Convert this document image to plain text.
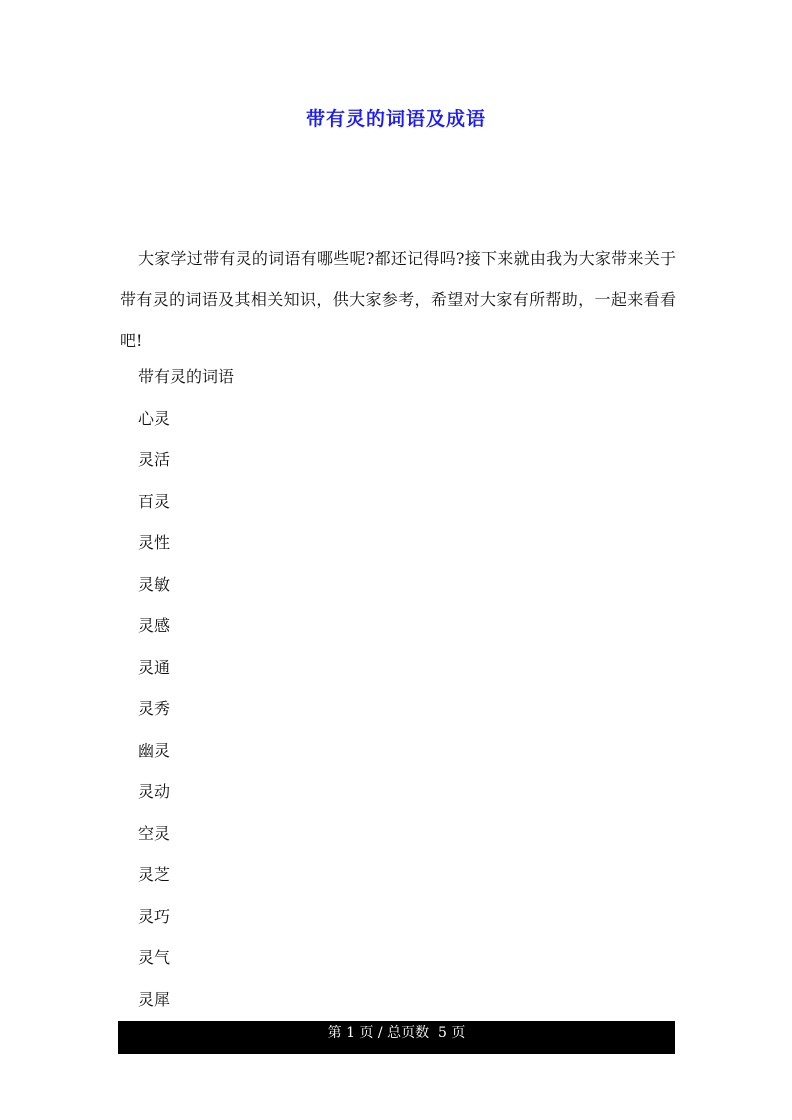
带有灵的词语及成语

大家学过带有灵的词语有哪些呢?都还记得吗?接下来就由我为大家带来关于带有灵的词语及其相关知识，供大家参考，希望对大家有所帮助，一起来看看吧!

带有灵的词语
心灵
灵活
百灵
灵性
灵敏
灵感
灵通
灵秀
幽灵
灵动
空灵
灵芝
灵巧
灵气
灵犀
第 1 页 / 总页数 5 页
